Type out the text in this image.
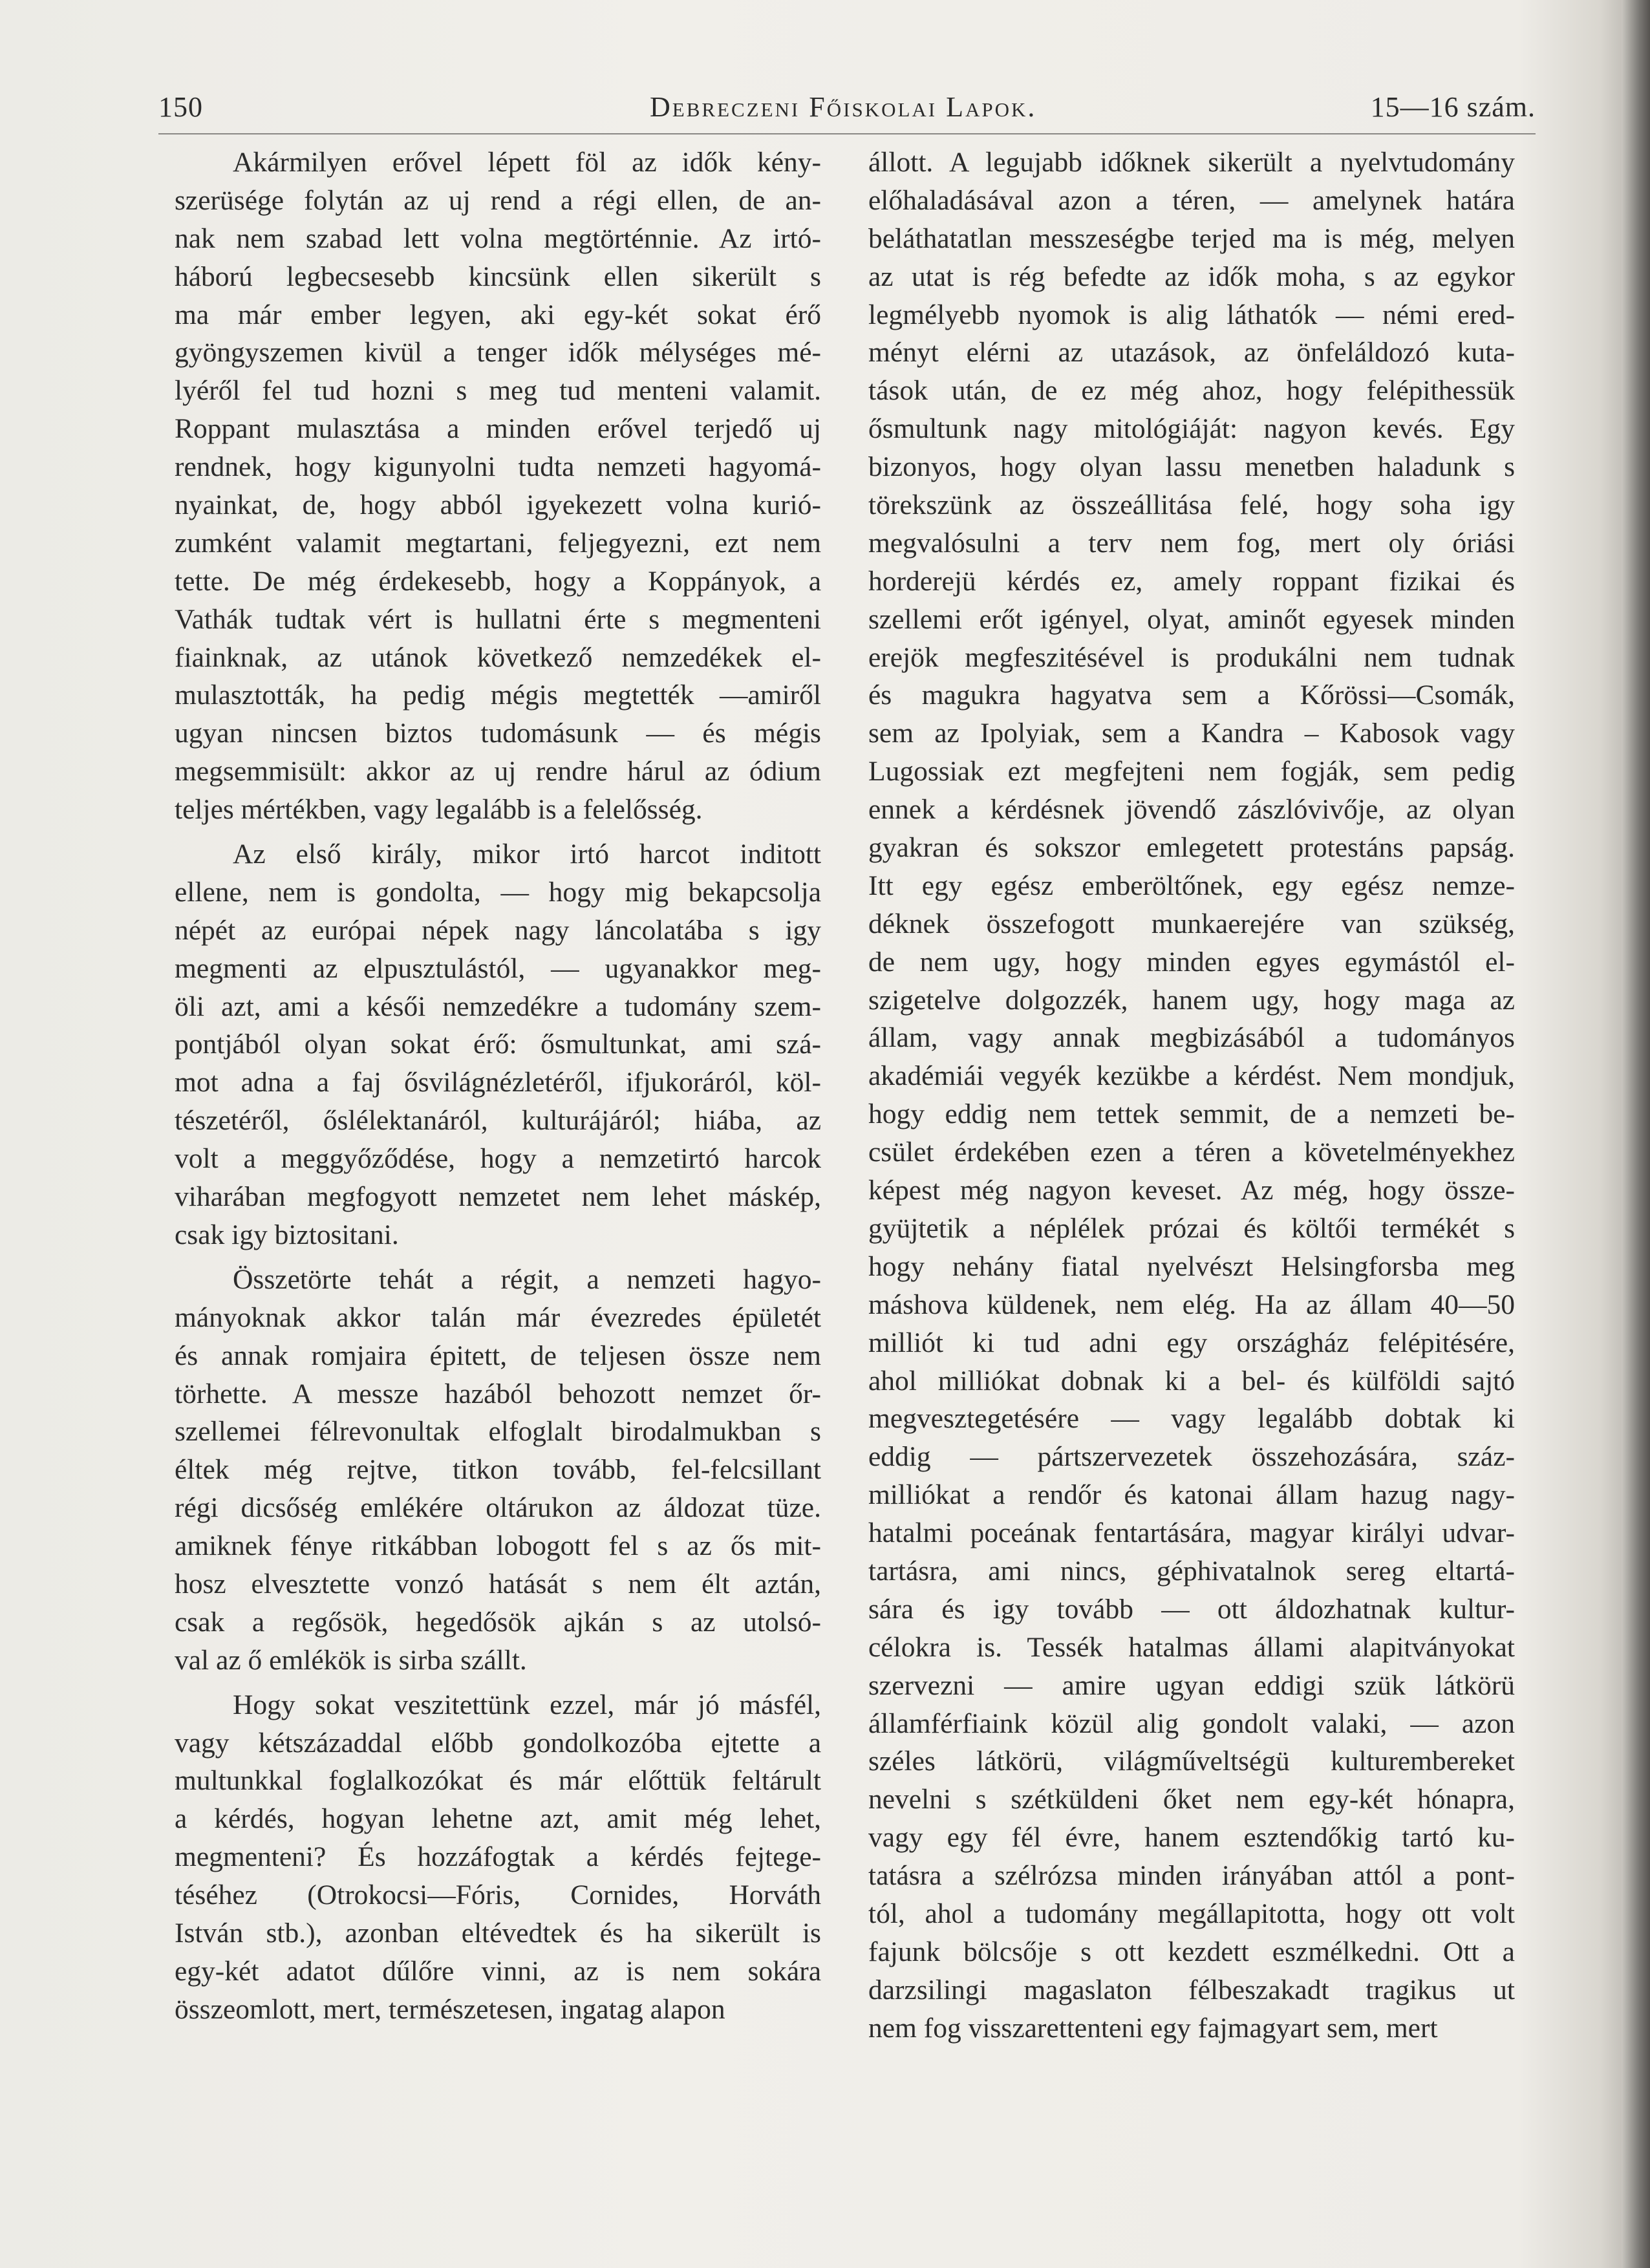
150	Debreczeni Főiskolai Lapok.	15—16 szám.
Akármilyen erővel lépett föl az idők kény-
szerüsége folytán az uj rend a régi ellen, de an-
nak nem szabad lett volna megtörténnie. Az irtó-
háború legbecsesebb kincsünk ellen sikerült s
ma már ember legyen, aki egy-két sokat érő
gyöngyszemen kivül a tenger idők mélységes mé-
lyéről fel tud hozni s meg tud menteni valamit.
Roppant mulasztása a minden erővel terjedő uj
rendnek, hogy kigunyolni tudta nemzeti hagyomá-
nyainkat, de, hogy abból igyekezett volna kurió-
zumként valamit megtartani, feljegyezni, ezt nem
tette. De még érdekesebb, hogy a Koppányok, a
Vathák tudtak vért is hullatni érte s megmenteni
fiainknak, az utánok következő nemzedékek el-
mulasztották, ha pedig mégis megtették —amiről
ugyan nincsen biztos tudomásunk — és mégis
megsemmisült: akkor az uj rendre hárul az ódium
teljes mértékben, vagy legalább is a felelősség.
Az első király, mikor irtó harcot inditott
ellene, nem is gondolta, — hogy mig bekapcsolja
népét az európai népek nagy láncolatába s igy
megmenti az elpusztulástól, — ugyanakkor meg-
öli azt, ami a késői nemzedékre a tudomány szem-
pontjából olyan sokat érő: ősmultunkat, ami szá-
mot adna a faj ősvilágnézletéről, ifjukoráról, köl-
tészetéről, őslélektanáról, kulturájáról; hiába, az
volt a meggyőződése, hogy a nemzetirtó harcok
viharában megfogyott nemzetet nem lehet máskép,
csak igy biztositani.
Összetörte tehát a régit, a nemzeti hagyo-
mányoknak akkor talán már évezredes épületét
és annak romjaira épitett, de teljesen össze nem
törhette. A messze hazából behozott nemzet őr-
szellemei félrevonultak elfoglalt birodalmukban s
éltek még rejtve, titkon tovább, fel-felcsillant
régi dicsőség emlékére oltárukon az áldozat tüze.
amiknek fénye ritkábban lobogott fel s az ős mit-
hosz elvesztette vonzó hatását s nem élt aztán,
csak a regősök, hegedősök ajkán s az utolsó-
val az ő emlékök is sirba szállt.
Hogy sokat veszitettünk ezzel, már jó másfél,
vagy kétszázaddal előbb gondolkozóba ejtette a
multunkkal foglalkozókat és már előttük feltárult
a kérdés, hogyan lehetne azt, amit még lehet,
megmenteni? És hozzáfogtak a kérdés fejtege-
téséhez (Otrokocsi—Fóris, Cornides, Horváth
István stb.), azonban eltévedtek és ha sikerült is
egy-két adatot dűlőre vinni, az is nem sokára
összeomlott, mert, természetesen, ingatag alapon
állott. A legujabb időknek sikerült a nyelvtudomány
előhaladásával azon a téren, — amelynek határa
beláthatatlan messzeségbe terjed ma is még, melyen
az utat is rég befedte az idők moha, s az egykor
legmélyebb nyomok is alig láthatók — némi ered-
ményt elérni az utazások, az önfeláldozó kuta-
tások után, de ez még ahoz, hogy felépithessük
ősmultunk nagy mitológiáját: nagyon kevés. Egy
bizonyos, hogy olyan lassu menetben haladunk s
törekszünk az összeállitása felé, hogy soha igy
megvalósulni a terv nem fog, mert oly óriási
horderejü kérdés ez, amely roppant fizikai és
szellemi erőt igényel, olyat, aminőt egyesek minden
erejök megfeszitésével is produkálni nem tudnak
és magukra hagyatva sem a Kőrössi—Csomák,
sem az Ipolyiak, sem a Kandra – Kabosok vagy
Lugossiak ezt megfejteni nem fogják, sem pedig
ennek a kérdésnek jövendő zászlóvivője, az olyan
gyakran és sokszor emlegetett protestáns papság.
Itt egy egész emberöltőnek, egy egész nemze-
déknek összefogott munkaerejére van szükség,
de nem ugy, hogy minden egyes egymástól el-
szigetelve dolgozzék, hanem ugy, hogy maga az
állam, vagy annak megbizásából a tudományos
akadémiái vegyék kezükbe a kérdést. Nem mondjuk,
hogy eddig nem tettek semmit, de a nemzeti be-
csület érdekében ezen a téren a követelményekhez
képest még nagyon keveset. Az még, hogy össze-
gyüjtetik a néplélek prózai és költői termékét s
hogy nehány fiatal nyelvészt Helsingforsba meg
máshova küldenek, nem elég. Ha az állam 40—50
milliót ki tud adni egy országház felépitésére,
ahol milliókat dobnak ki a bel- és külföldi sajtó
megvesztegetésére — vagy legalább dobtak ki
eddig — pártszervezetek összehozására, száz-
milliókat a rendőr és katonai állam hazug nagy-
hatalmi poceának fentartására, magyar királyi udvar-
tartásra, ami nincs, géphivatalnok sereg eltartá-
sára és igy tovább — ott áldozhatnak kultur-
célokra is. Tessék hatalmas állami alapitványokat
szervezni — amire ugyan eddigi szük látkörü
államférfiaink közül alig gondolt valaki, — azon
széles látkörü, világműveltségü kulturembereket
nevelni s szétküldeni őket nem egy-két hónapra,
vagy egy fél évre, hanem esztendőkig tartó ku-
tatásra a szélrózsa minden irányában attól a pont-
tól, ahol a tudomány megállapitotta, hogy ott volt
fajunk bölcsője s ott kezdett eszmélkedni. Ott a
darzsilingi magaslaton félbeszakadt tragikus ut
nem fog visszarettenteni egy fajmagyart sem, mert
